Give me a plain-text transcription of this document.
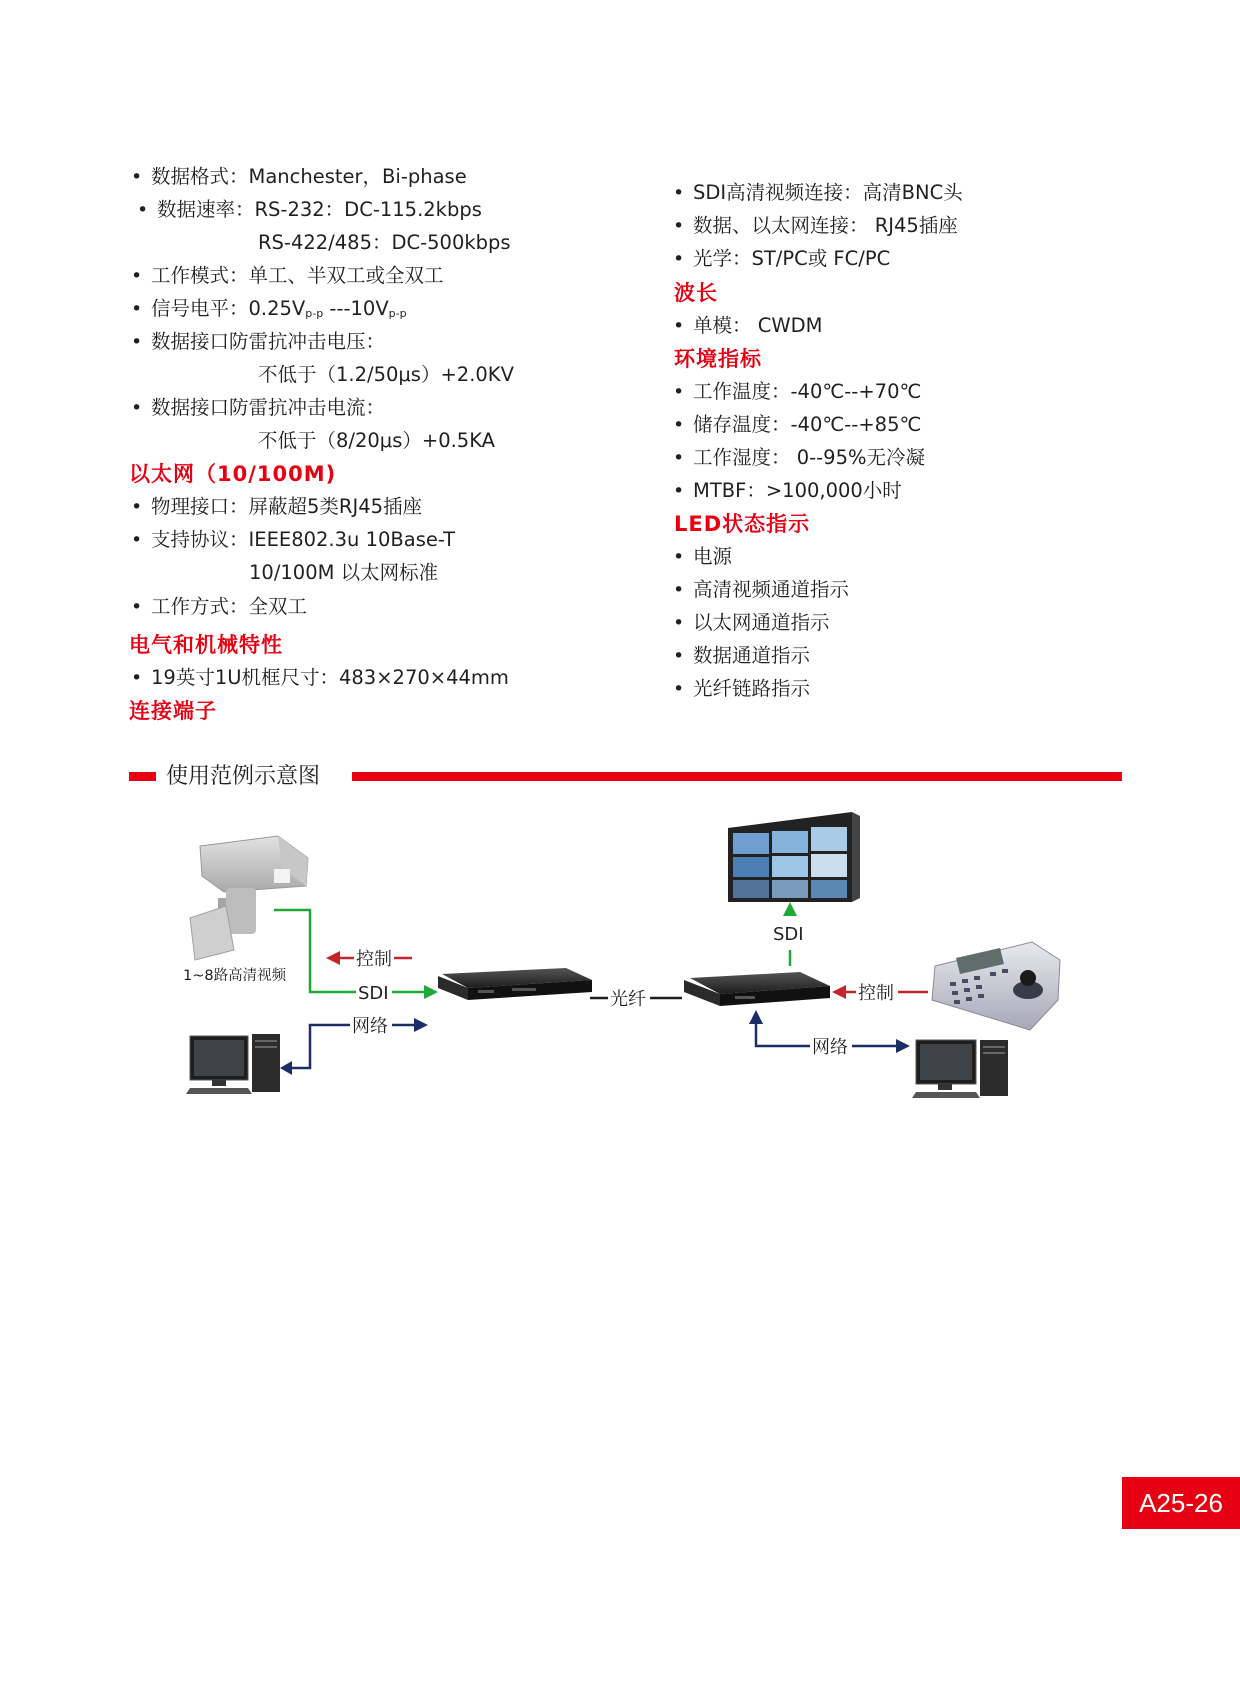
• 数据格式：Manchester，Bi-phase
• 数据速率：RS-232：DC-115.2kbps
RS-422/485：DC-500kbps
• 工作模式：单工、半双工或全双工
• 信号电平：$0.25V_{p-p}$ $---10V_{p-p}$
• 数据接口防雷抗冲击电压：
不低于（1.2/50μs）+2.0KV
• 数据接口防雷抗冲击电流：
不低于（8/20μs）+0.5KA
以太网（10/100M)
• 物理接口：屏蔽超5类RJ45插座
• 支持协议：IEEE802.3u 10Base-T
10/100M 以太网标准
• 工作方式：全双工
电气和机械特性
• 19英寸1U机框尺寸：483×270×44mm
连接端子
• SDI高清视频连接：高清BNC头
• 数据、以太网连接： RJ45插座
• 光学：ST/PC或 FC/PC
波长
• 单模： CWDM
环境指标
• 工作温度：-40℃--+70℃
• 储存温度：-40℃--+85℃
• 工作湿度： 0--95%无冷凝
• MTBF：>100,000小时
LED状态指示
• 电源
• 高清视频通道指示
• 以太网通道指示
• 数据通道指示
• 光纤链路指示
使用范例示意图
1~8路高清视频
控制
SDI
网络
光纤
SDI
控制
网络
A25-26
